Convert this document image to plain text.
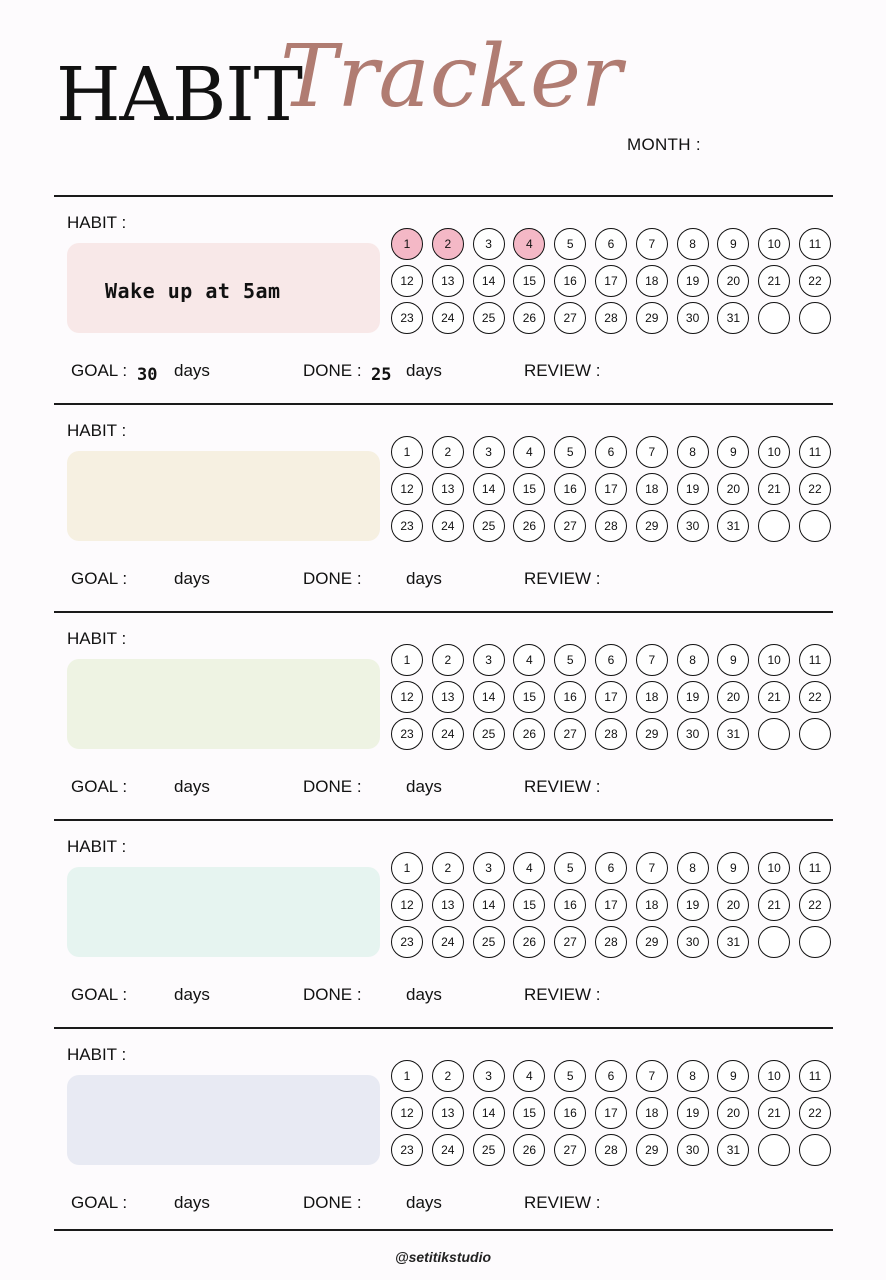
HABIT
Tracker
MONTH :
HABIT :
Wake up at 5am
1	2	3	4	5	6	7	8	9	10	11
12	13	14	15	16	17	18	19	20	21	22
23	24	25	26	27	28	29	30	31
GOAL : 30 days	DONE : 25 days	REVIEW :
HABIT :
1	2	3	4	5	6	7	8	9	10	11
12	13	14	15	16	17	18	19	20	21	22
23	24	25	26	27	28	29	30	31
GOAL :	days	DONE :	days	REVIEW :
HABIT :
1	2	3	4	5	6	7	8	9	10	11
12	13	14	15	16	17	18	19	20	21	22
23	24	25	26	27	28	29	30	31
GOAL :	days	DONE :	days	REVIEW :
HABIT :
1	2	3	4	5	6	7	8	9	10	11
12	13	14	15	16	17	18	19	20	21	22
23	24	25	26	27	28	29	30	31
GOAL :	days	DONE :	days	REVIEW :
HABIT :
1	2	3	4	5	6	7	8	9	10	11
12	13	14	15	16	17	18	19	20	21	22
23	24	25	26	27	28	29	30	31
GOAL :	days	DONE :	days	REVIEW :
@setitikstudio
